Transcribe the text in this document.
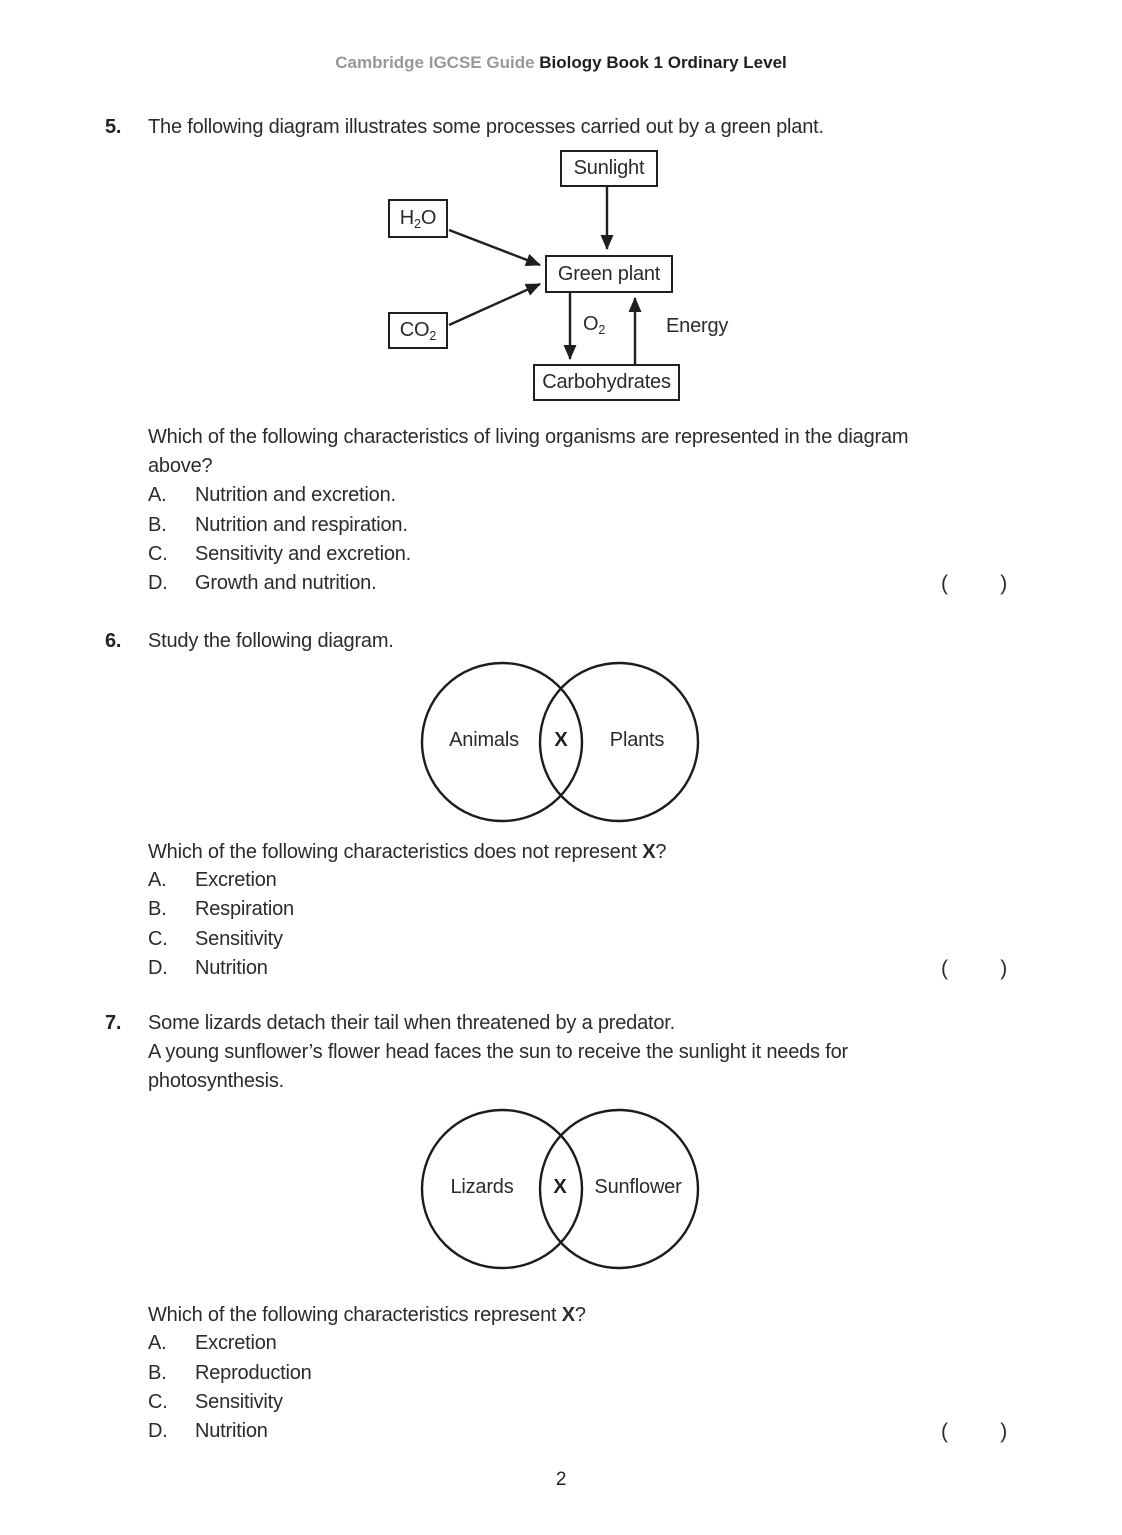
Cambridge IGCSE Guide Biology Book 1 Ordinary Level
5. The following diagram illustrates some processes carried out by a green plant.
Sunlight
$H_2O$
$CO_2$
Green plant
Carbohydrates
$O_2$	Energy
Which of the following characteristics of living organisms are represented in the diagram
above?
A. Nutrition and excretion.
B. Nutrition and respiration.
C. Sensitivity and excretion.
D. Growth and nutrition.	( )
6. Study the following diagram.
Animals X Plants
Which of the following characteristics does not represent X?
A. Excretion
B. Respiration
C. Sensitivity
D. Nutrition	( )
7. Some lizards detach their tail when threatened by a predator.
A young sunflower’s flower head faces the sun to receive the sunlight it needs for
photosynthesis.
Lizards X Sunflower
Which of the following characteristics represent X?
A. Excretion
B. Reproduction
C. Sensitivity
D. Nutrition	( )
2
